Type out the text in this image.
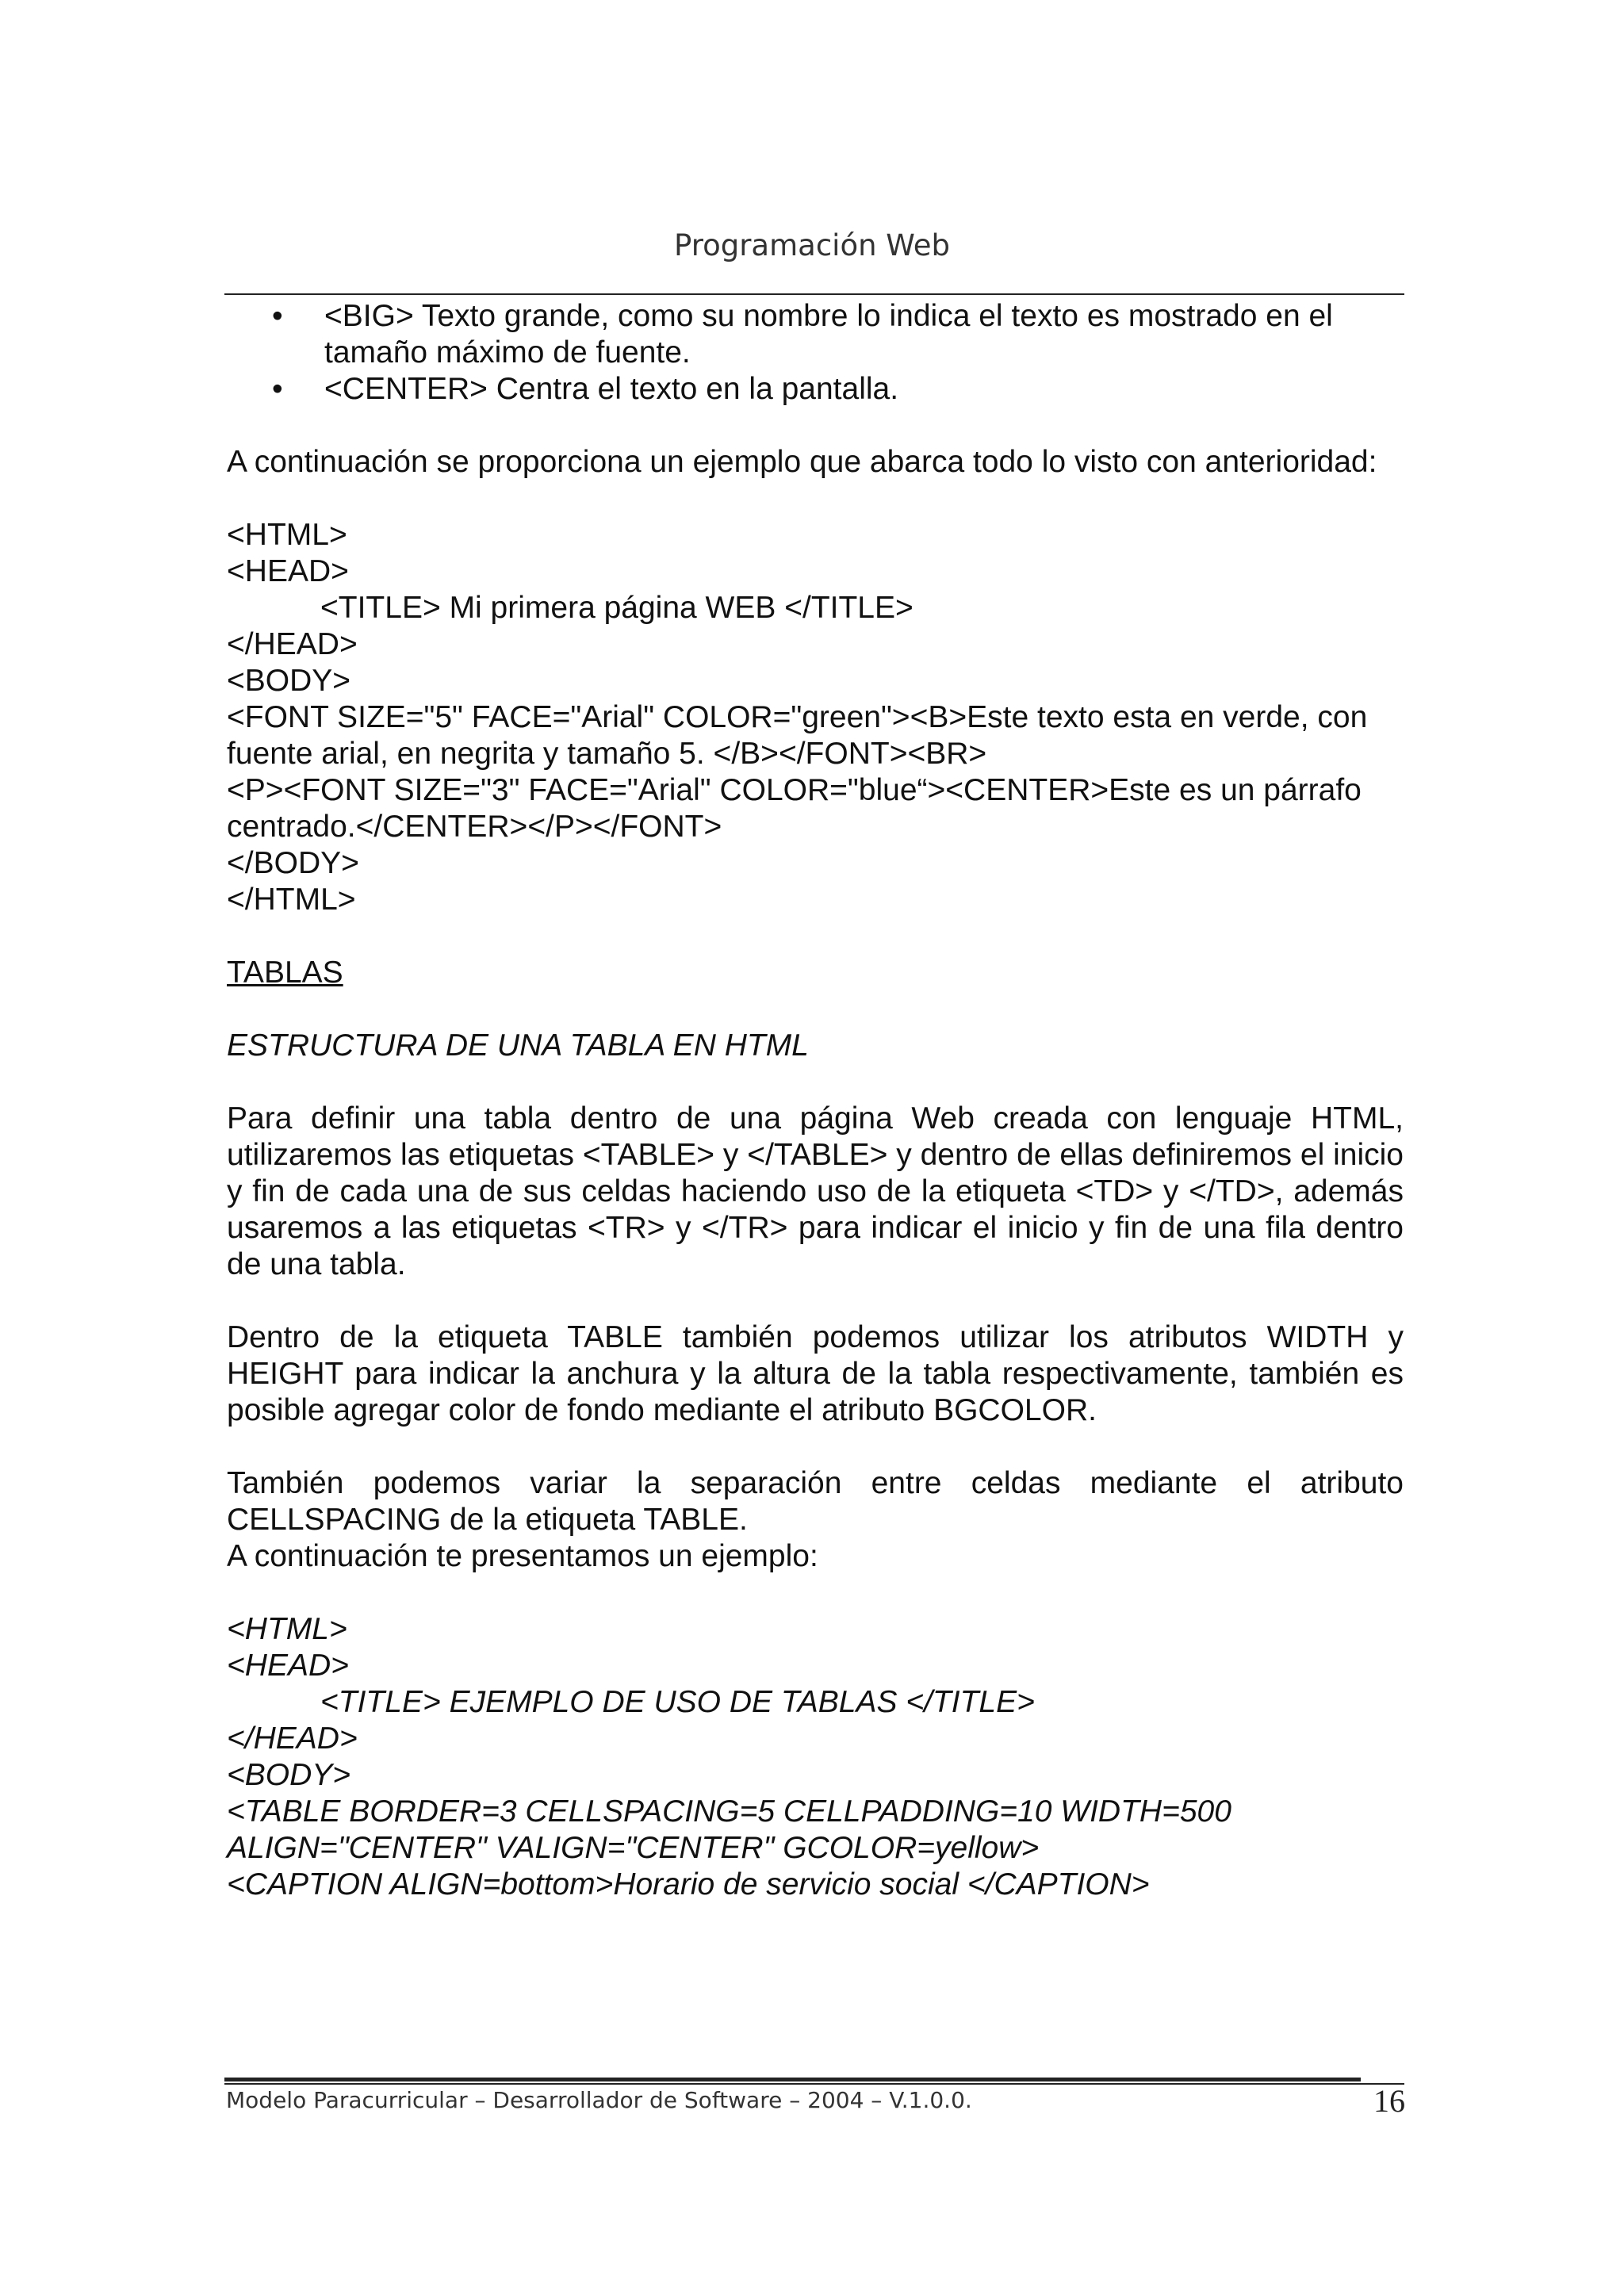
Programación Web
• <BIG> Texto grande, como su nombre lo indica el texto es mostrado en el tamaño máximo de fuente.
• <CENTER> Centra el texto en la pantalla.

A continuación se proporciona un ejemplo que abarca todo lo visto con anterioridad:

<HTML>
<HEAD>
<TITLE> Mi primera página WEB </TITLE>
</HEAD>
<BODY>
<FONT SIZE="5" FACE="Arial" COLOR="green"><B>Este texto esta en verde, con fuente arial, en negrita y tamaño 5. </B></FONT><BR>
<P><FONT SIZE="3" FACE="Arial" COLOR="blue“><CENTER>Este es un párrafo centrado.</CENTER></P></FONT>
</BODY>
</HTML>

TABLAS

ESTRUCTURA DE UNA TABLA EN HTML

Para definir una tabla dentro de una página Web creada con lenguaje HTML, utilizaremos las etiquetas <TABLE> y </TABLE> y dentro de ellas definiremos el inicio y fin de cada una de sus celdas haciendo uso de la etiqueta <TD> y </TD>, además usaremos a las etiquetas <TR> y </TR> para indicar el inicio y fin de una fila dentro de una tabla.

Dentro de la etiqueta TABLE también podemos utilizar los atributos WIDTH y HEIGHT para indicar la anchura y la altura de la tabla respectivamente, también es posible agregar color de fondo mediante el atributo BGCOLOR.

También podemos variar la separación entre celdas mediante el atributo CELLSPACING de la etiqueta TABLE.

A continuación te presentamos un ejemplo:

<HTML>
<HEAD>
<TITLE> EJEMPLO DE USO DE TABLAS </TITLE>
</HEAD>
<BODY>
<TABLE BORDER=3 CELLSPACING=5 CELLPADDING=10 WIDTH=500 ALIGN="CENTER" VALIGN="CENTER" GCOLOR=yellow>
<CAPTION ALIGN=bottom>Horario de servicio social </CAPTION>
Modelo Paracurricular – Desarrollador de Software – 2004 – V.1.0.0.	16
